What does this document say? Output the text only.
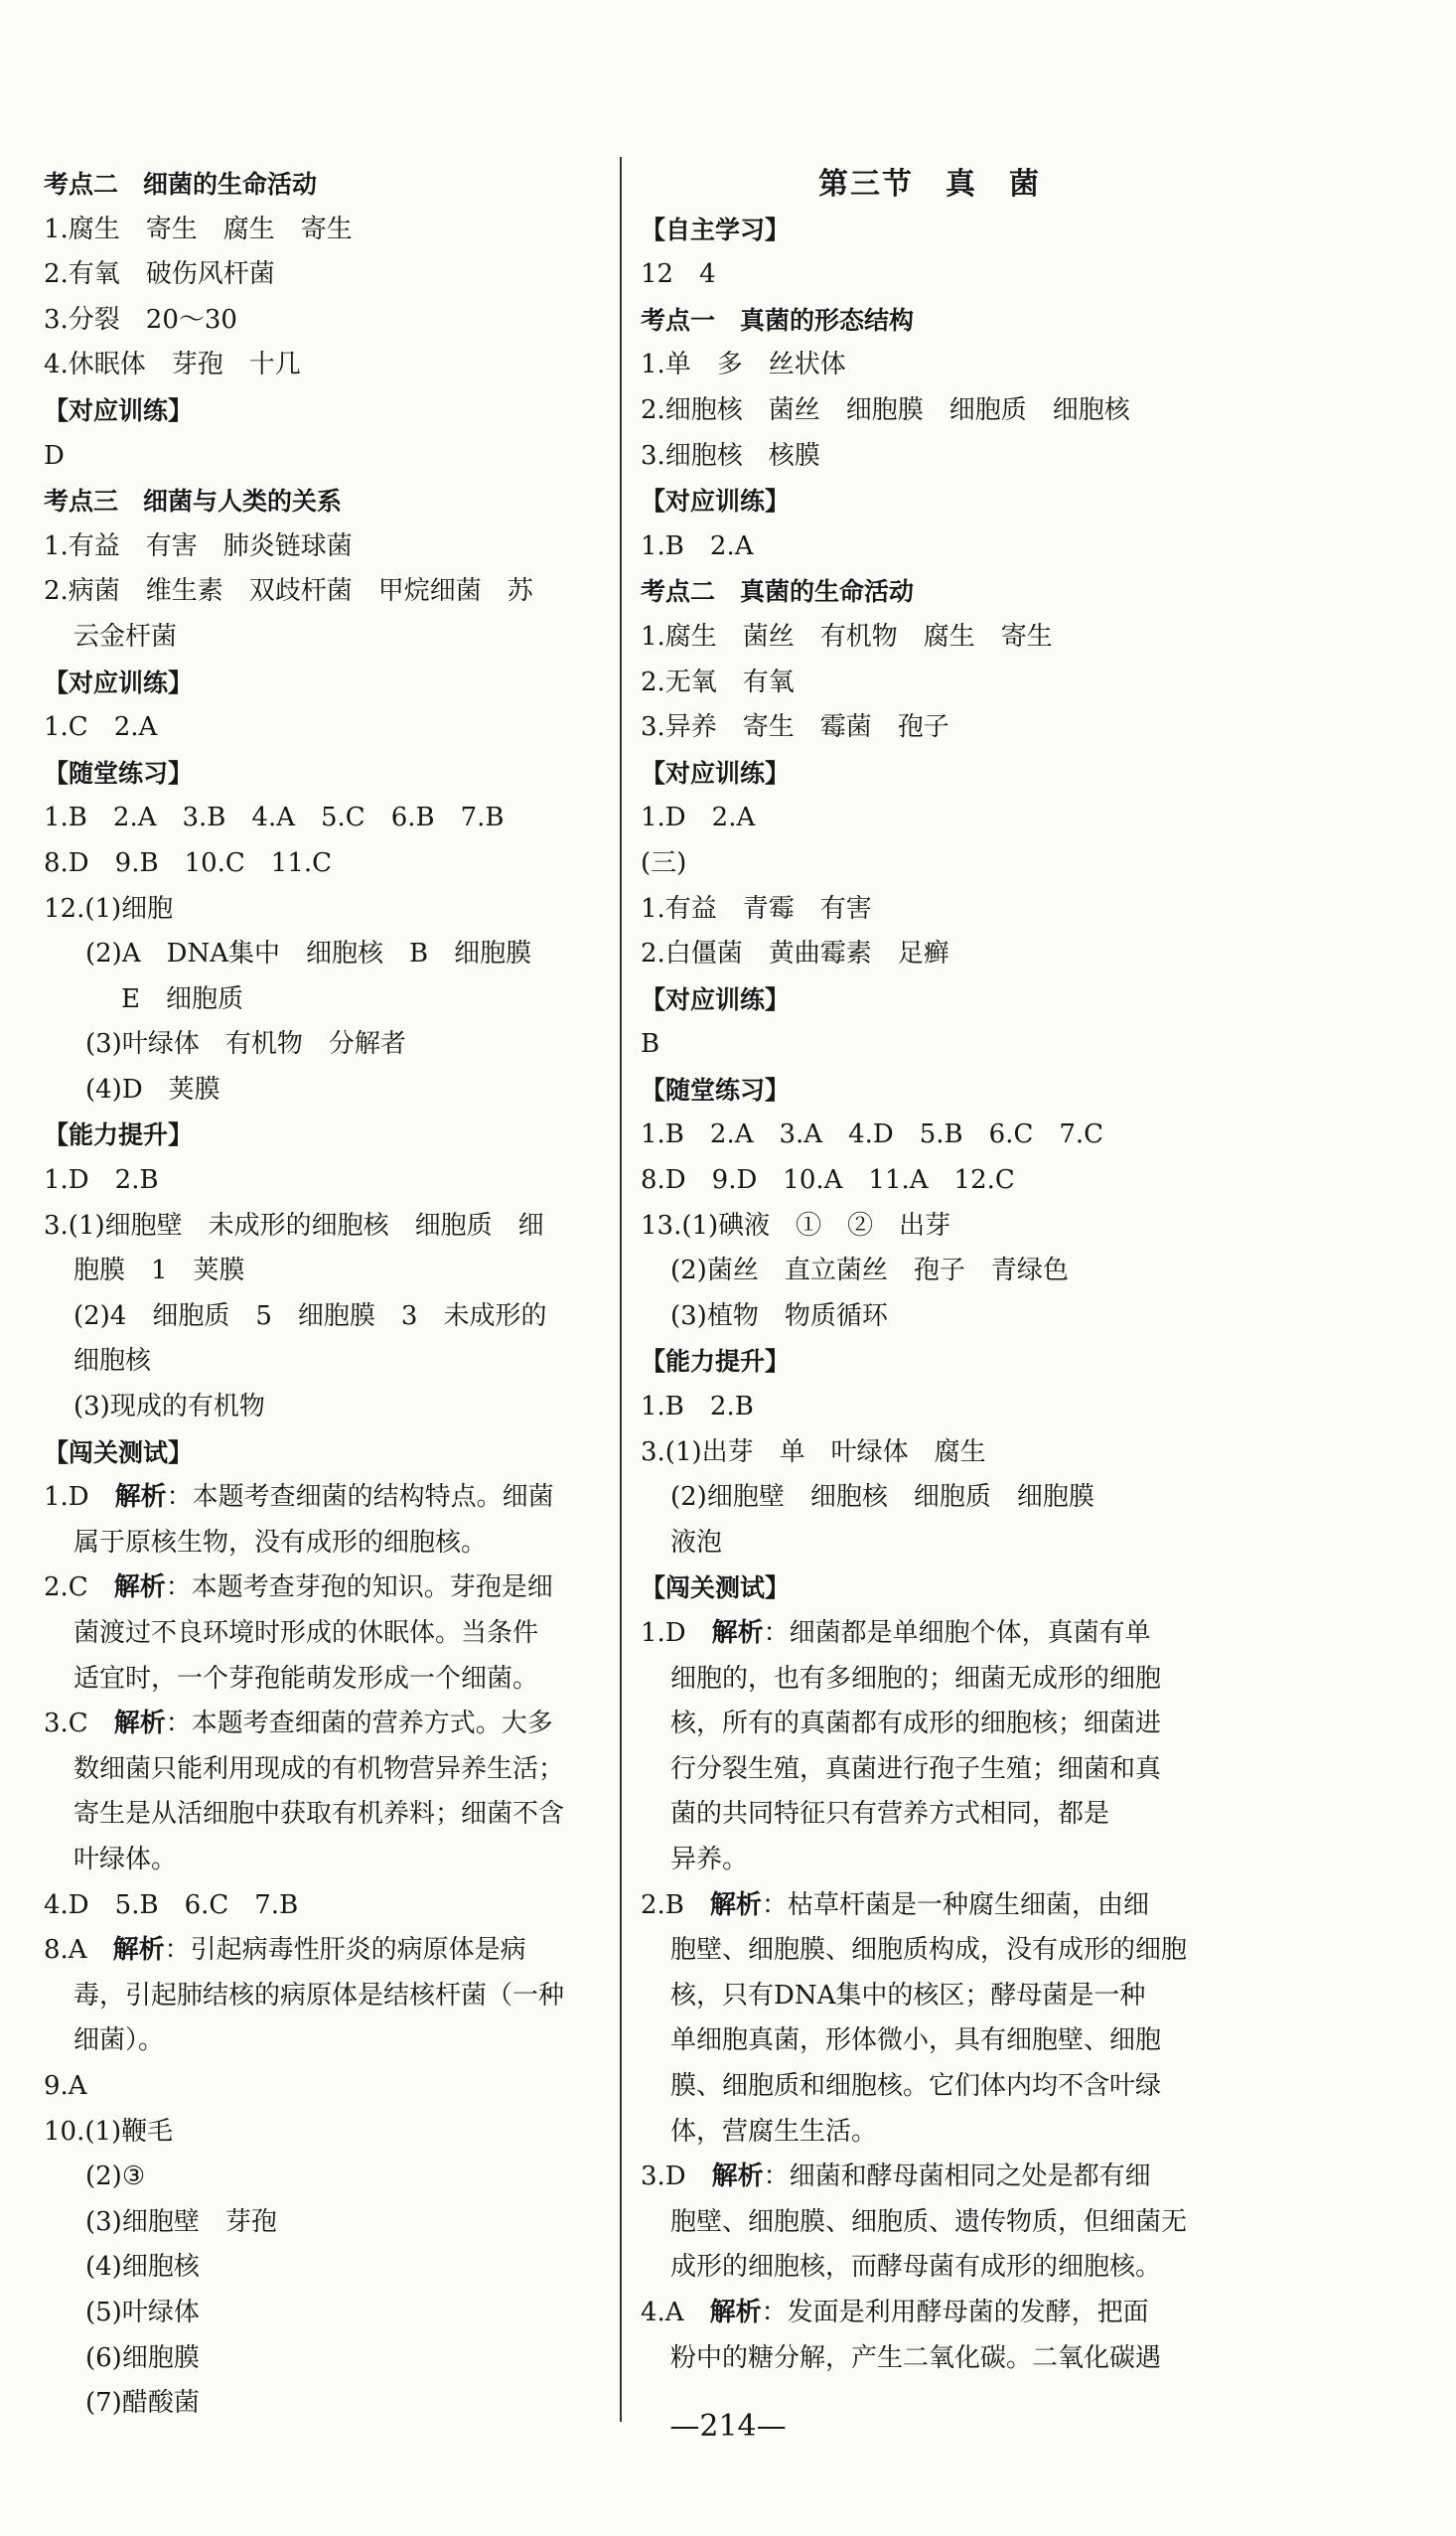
考点二　细菌的生命活动
1.腐生　寄生　腐生　寄生
2.有氧　破伤风杆菌
3.分裂　20～30
4.休眠体　芽孢　十几
【对应训练】
D
考点三　细菌与人类的关系
1.有益　有害　肺炎链球菌
2.病菌　维生素　双歧杆菌　甲烷细菌　苏
云金杆菌
【对应训练】
1.C　2.A
【随堂练习】
1.B　2.A　3.B　4.A　5.C　6.B　7.B
8.D　9.B　10.C　11.C
12.(1)细胞
(2)A　DNA集中　细胞核　B　细胞膜
E　细胞质
(3)叶绿体　有机物　分解者
(4)D　荚膜
【能力提升】
1.D　2.B
3.(1)细胞壁　未成形的细胞核　细胞质　细
胞膜　1　荚膜
(2)4　细胞质　5　细胞膜　3　未成形的
细胞核
(3)现成的有机物
【闯关测试】
1.D　解析：本题考查细菌的结构特点。细菌
属于原核生物，没有成形的细胞核。
2.C　解析：本题考查芽孢的知识。芽孢是细
菌渡过不良环境时形成的休眠体。当条件
适宜时，一个芽孢能萌发形成一个细菌。
3.C　解析：本题考查细菌的营养方式。大多
数细菌只能利用现成的有机物营异养生活；
寄生是从活细胞中获取有机养料；细菌不含
叶绿体。
4.D　5.B　6.C　7.B
8.A　解析：引起病毒性肝炎的病原体是病
毒，引起肺结核的病原体是结核杆菌（一种
细菌）。
9.A
10.(1)鞭毛
(2)③
(3)细胞壁　芽孢
(4)细胞核
(5)叶绿体
(6)细胞膜
(7)醋酸菌
第三节　真　菌
【自主学习】
12　4
考点一　真菌的形态结构
1.单　多　丝状体
2.细胞核　菌丝　细胞膜　细胞质　细胞核
3.细胞核　核膜
【对应训练】
1.B　2.A
考点二　真菌的生命活动
1.腐生　菌丝　有机物　腐生　寄生
2.无氧　有氧
3.异养　寄生　霉菌　孢子
【对应训练】
1.D　2.A
(三)
1.有益　青霉　有害
2.白僵菌　黄曲霉素　足癣
【对应训练】
B
【随堂练习】
1.B　2.A　3.A　4.D　5.B　6.C　7.C
8.D　9.D　10.A　11.A　12.C
13.(1)碘液　①　②　出芽
(2)菌丝　直立菌丝　孢子　青绿色
(3)植物　物质循环
【能力提升】
1.B　2.B
3.(1)出芽　单　叶绿体　腐生
(2)细胞壁　细胞核　细胞质　细胞膜
液泡
【闯关测试】
1.D　解析：细菌都是单细胞个体，真菌有单
细胞的，也有多细胞的；细菌无成形的细胞
核，所有的真菌都有成形的细胞核；细菌进
行分裂生殖，真菌进行孢子生殖；细菌和真
菌的共同特征只有营养方式相同，都是
异养。
2.B　解析：枯草杆菌是一种腐生细菌，由细
胞壁、细胞膜、细胞质构成，没有成形的细胞
核，只有DNA集中的核区；酵母菌是一种
单细胞真菌，形体微小，具有细胞壁、细胞
膜、细胞质和细胞核。它们体内均不含叶绿
体，营腐生生活。
3.D　解析：细菌和酵母菌相同之处是都有细
胞壁、细胞膜、细胞质、遗传物质，但细菌无
成形的细胞核，而酵母菌有成形的细胞核。
4.A　解析：发面是利用酵母菌的发酵，把面
粉中的糖分解，产生二氧化碳。二氧化碳遇
—214—
